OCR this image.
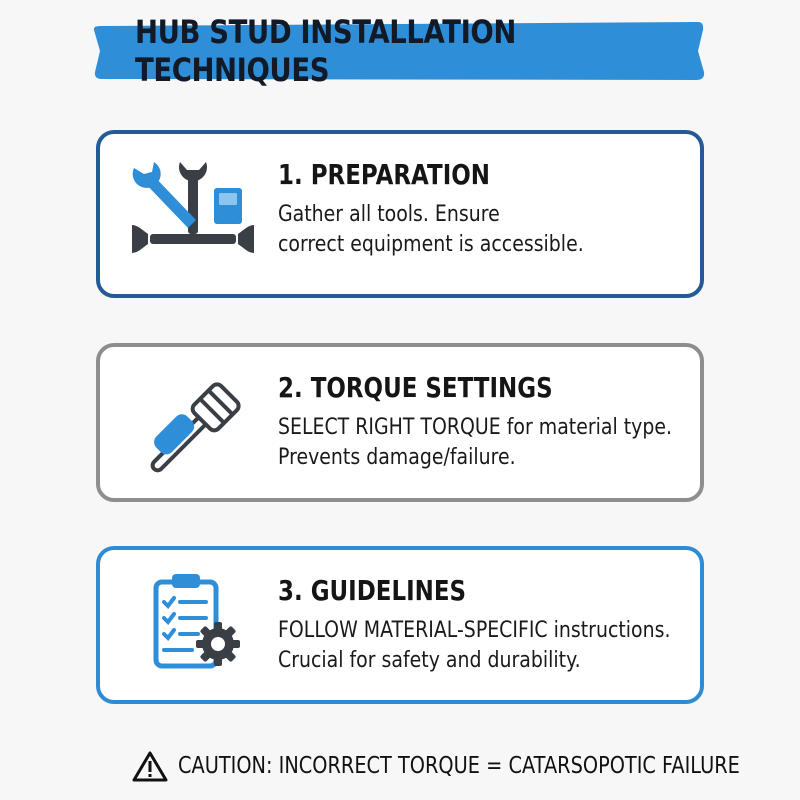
HUB STUD INSTALLATION TECHNIQUES
1. PREPARATION
Gather all tools. Ensure
correct equipment is accessible.
2. TORQUE SETTINGS
SELECT RIGHT TORQUE for material type.
Prevents damage/failure.
3. GUIDELINES
FOLLOW MATERIAL-SPECIFIC instructions.
Crucial for safety and durability.
CAUTION: INCORRECT TORQUE = CATARSOPOTIC FAILURE
